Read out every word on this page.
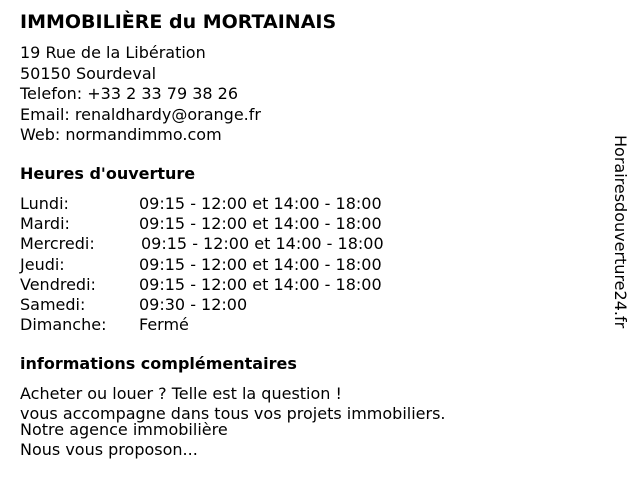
IMMOBILIÈRE du MORTAINAIS
19 Rue de la Libération
50150 Sourdeval
Telefon: +33 2 33 79 38 26
Email: renaldhardy@orange.fr
Web: normandimmo.com
Heures d'ouverture
Lundi:	09:15 - 12:00 et 14:00 - 18:00
Mardi:	09:15 - 12:00 et 14:00 - 18:00
Mercredi:	09:15 - 12:00 et 14:00 - 18:00
Jeudi:	09:15 - 12:00 et 14:00 - 18:00
Vendredi:	09:15 - 12:00 et 14:00 - 18:00
Samedi:	09:30 - 12:00
Dimanche: Fermé
informations complémentaires
Acheter ou louer ? Telle est la question !
vous accompagne dans tous vos projets immobiliers.
Notre agence immobilière
Nous vous proposon...
Horairesdouverture24.fr
